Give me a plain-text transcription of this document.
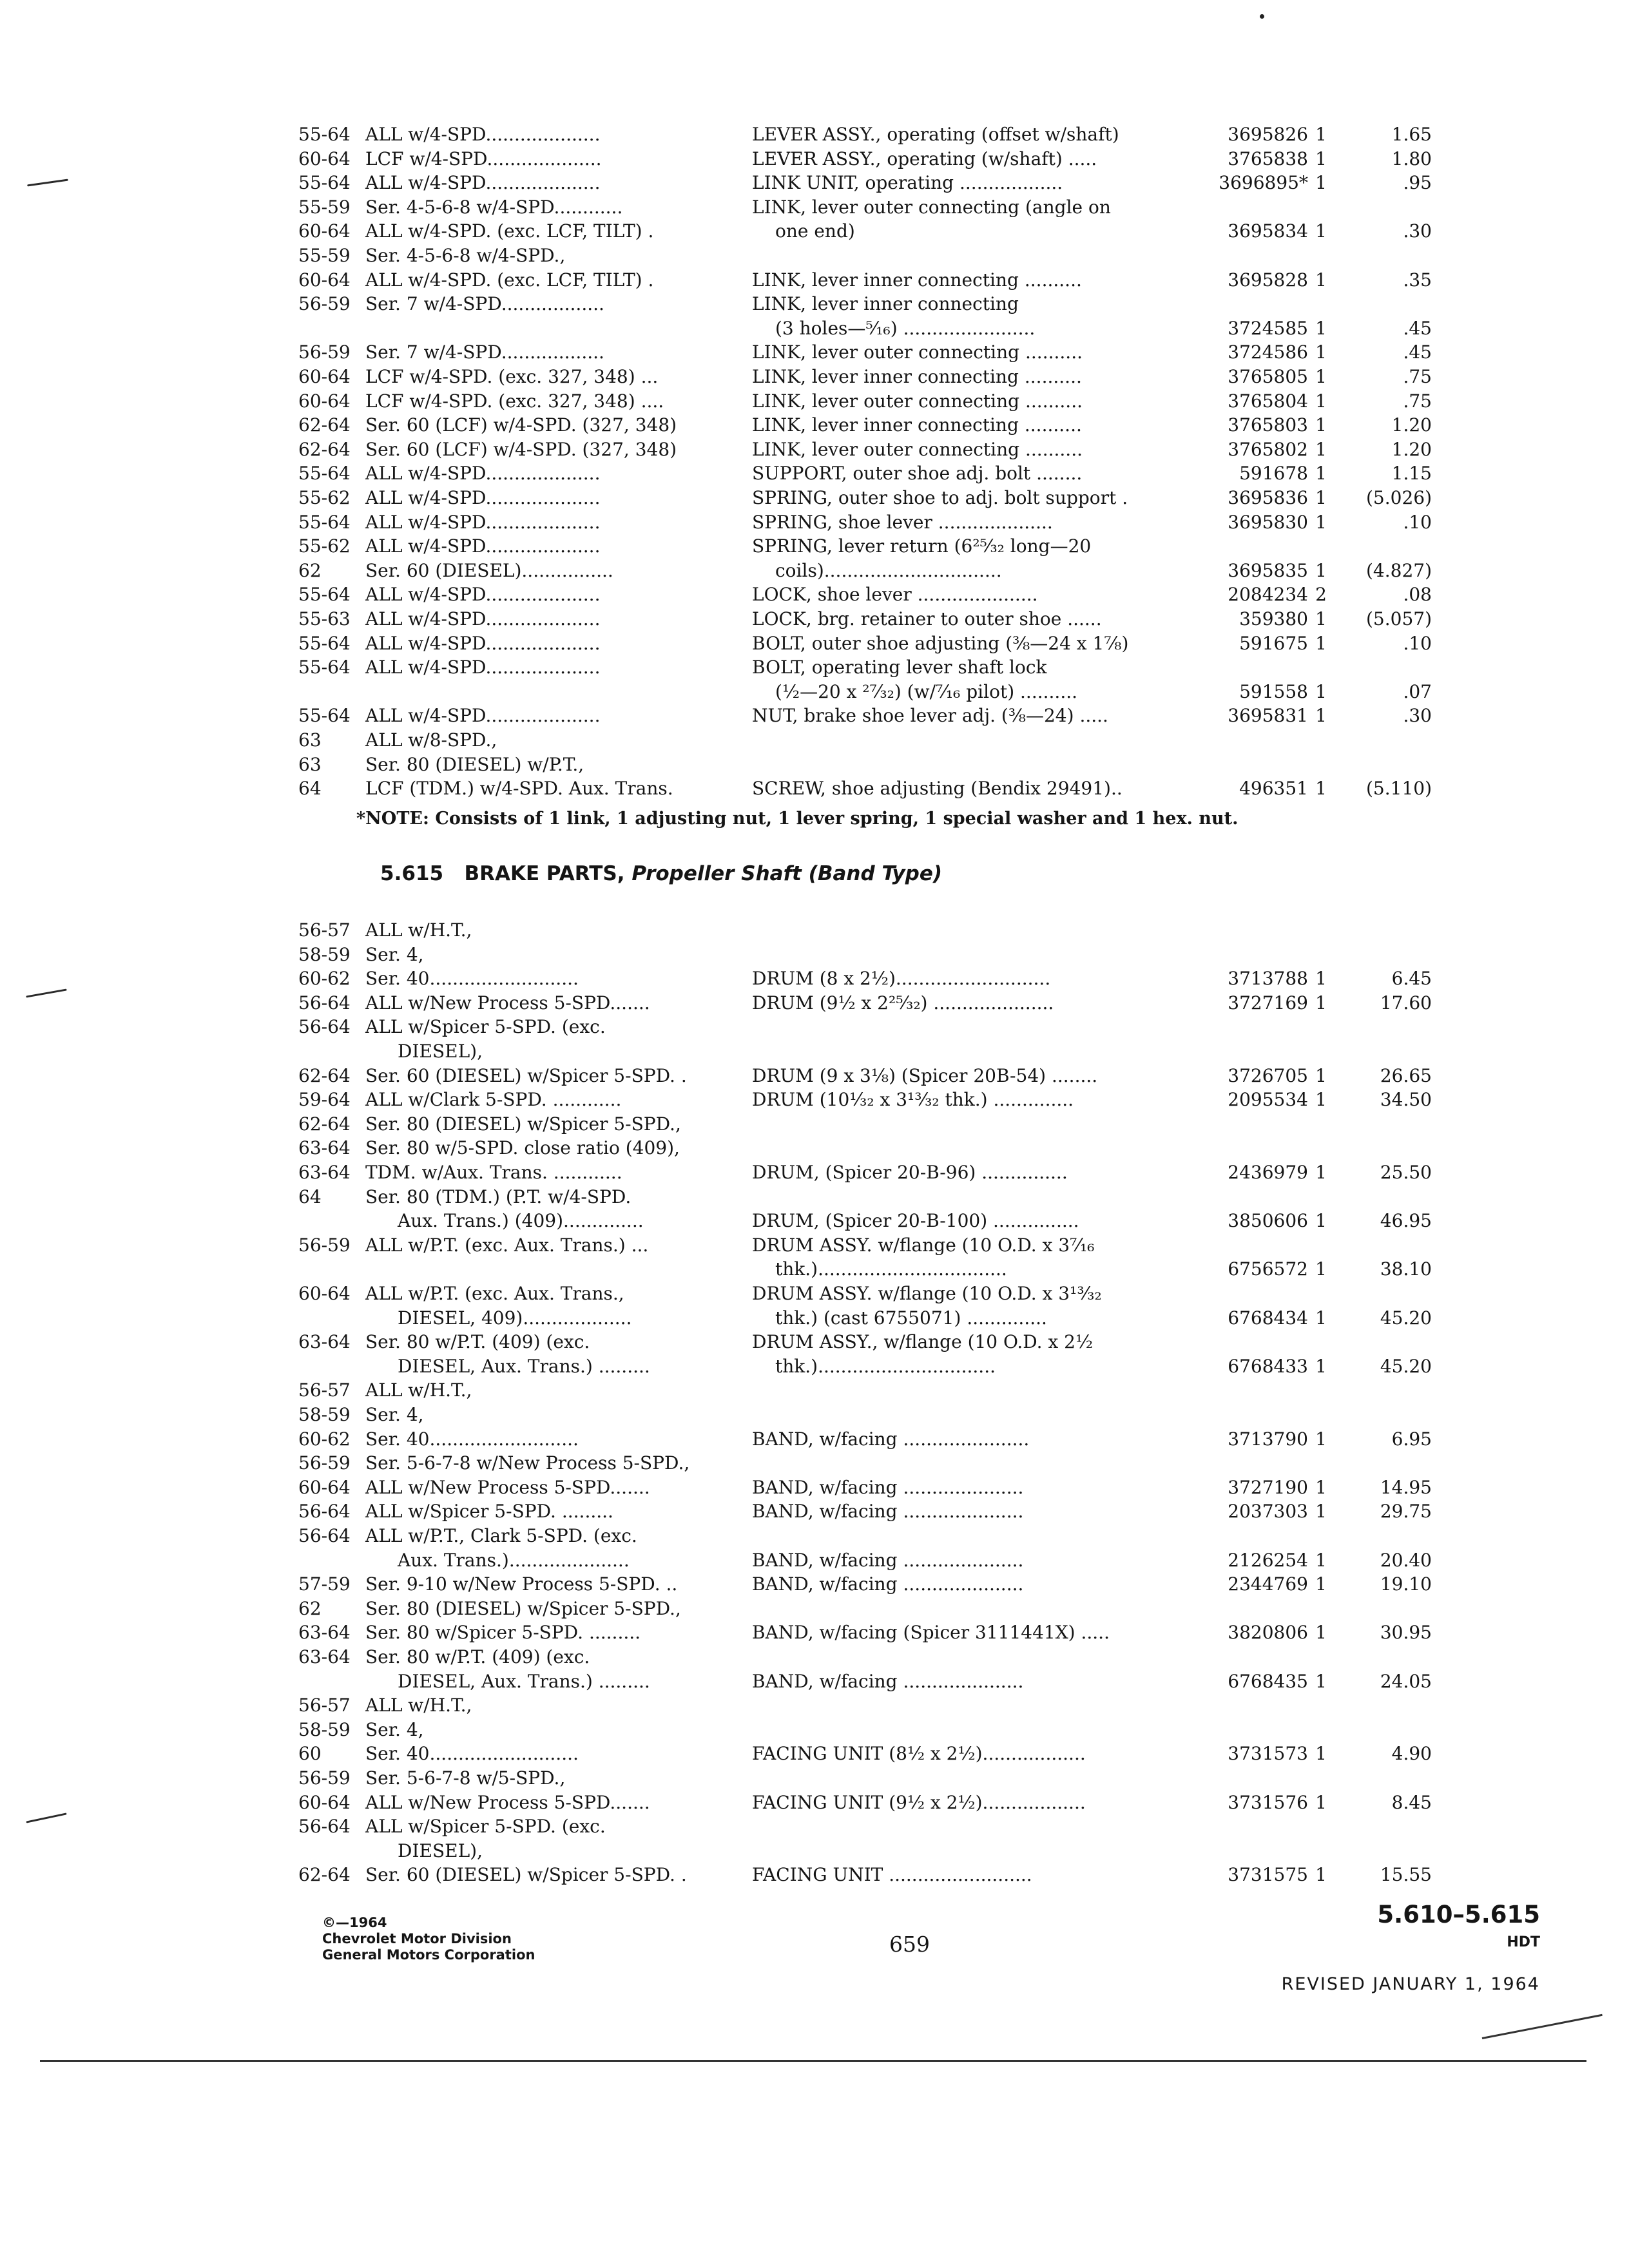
55-64 ALL w/4-SPD....................	LEVER ASSY., operating (offset w/shaft)	3695826 1	1.65
60-64 LCF w/4-SPD....................	LEVER ASSY., operating (w/shaft) .....	3765838 1	1.80
55-64 ALL w/4-SPD....................	LINK UNIT, operating ..................	3696895* 1	.95
55-59 Ser. 4-5-6-8 w/4-SPD............	LINK, lever outer connecting (angle on
60-64 ALL w/4-SPD. (exc. LCF, TILT) .	one end)	3695834 1	.30
55-59 Ser. 4-5-6-8 w/4-SPD.,
60-64 ALL w/4-SPD. (exc. LCF, TILT) .	LINK, lever inner connecting ..........	3695828 1	.35
56-59 Ser. 7 w/4-SPD..................	LINK, lever inner connecting
(3 holes—⁵⁄₁₆) .......................	3724585 1	.45
56-59 Ser. 7 w/4-SPD..................	LINK, lever outer connecting ..........	3724586 1	.45
60-64 LCF w/4-SPD. (exc. 327, 348) ...	LINK, lever inner connecting ..........	3765805 1	.75
60-64 LCF w/4-SPD. (exc. 327, 348) ....	LINK, lever outer connecting ..........	3765804 1	.75
62-64 Ser. 60 (LCF) w/4-SPD. (327, 348)	LINK, lever inner connecting ..........	3765803 1	1.20
62-64 Ser. 60 (LCF) w/4-SPD. (327, 348)	LINK, lever outer connecting ..........	3765802 1	1.20
55-64 ALL w/4-SPD....................	SUPPORT, outer shoe adj. bolt ........	591678 1	1.15
55-62 ALL w/4-SPD....................	SPRING, outer shoe to adj. bolt support .	3695836 1	(5.026)
55-64 ALL w/4-SPD....................	SPRING, shoe lever ....................	3695830 1	.10
55-62 ALL w/4-SPD....................	SPRING, lever return (6²⁵⁄₃₂ long—20
62 Ser. 60 (DIESEL)................	coils)...............................	3695835 1	(4.827)
55-64 ALL w/4-SPD....................	LOCK, shoe lever .....................	2084234 2	.08
55-63 ALL w/4-SPD....................	LOCK, brg. retainer to outer shoe ......	359380 1	(5.057)
55-64 ALL w/4-SPD....................	BOLT, outer shoe adjusting (⅜—24 x 1⅞)	591675 1	.10
55-64 ALL w/4-SPD....................	BOLT, operating lever shaft lock
(½—20 x ²⁷⁄₃₂) (w/⁷⁄₁₆ pilot) ..........	591558 1	.07
55-64 ALL w/4-SPD....................	NUT, brake shoe lever adj. (⅜—24) .....	3695831 1	.30
63 ALL w/8-SPD.,
63 Ser. 80 (DIESEL) w/P.T.,
64 LCF (TDM.) w/4-SPD. Aux. Trans.	SCREW, shoe adjusting (Bendix 29491)..	496351 1	(5.110)
*NOTE: Consists of 1 link, 1 adjusting nut, 1 lever spring, 1 special washer and 1 hex. nut.
5.615 BRAKE PARTS, Propeller Shaft (Band Type)
56-57 ALL w/H.T.,
58-59 Ser. 4,
60-62 Ser. 40..........................	DRUM (8 x 2½)...........................	3713788 1	6.45
56-64 ALL w/New Process 5-SPD.......	DRUM (9½ x 2²⁵⁄₃₂) .....................	3727169 1	17.60
56-64 ALL w/Spicer 5-SPD. (exc.
DIESEL),
62-64 Ser. 60 (DIESEL) w/Spicer 5-SPD. .	DRUM (9 x 3⅛) (Spicer 20B-54) ........	3726705 1	26.65
59-64 ALL w/Clark 5-SPD. ............	DRUM (10¹⁄₃₂ x 3¹³⁄₃₂ thk.) ..............	2095534 1	34.50
62-64 Ser. 80 (DIESEL) w/Spicer 5-SPD.,
63-64 Ser. 80 w/5-SPD. close ratio (409),
63-64 TDM. w/Aux. Trans. ............	DRUM, (Spicer 20-B-96) ...............	2436979 1	25.50
64 Ser. 80 (TDM.) (P.T. w/4-SPD.
Aux. Trans.) (409)..............	DRUM, (Spicer 20-B-100) ...............	3850606 1	46.95
56-59 ALL w/P.T. (exc. Aux. Trans.) ...	DRUM ASSY. w/flange (10 O.D. x 3⁷⁄₁₆
thk.).................................	6756572 1	38.10
60-64 ALL w/P.T. (exc. Aux. Trans.,	DRUM ASSY. w/flange (10 O.D. x 3¹³⁄₃₂
DIESEL, 409)...................	thk.) (cast 6755071) ..............	6768434 1	45.20
63-64 Ser. 80 w/P.T. (409) (exc.	DRUM ASSY., w/flange (10 O.D. x 2½
DIESEL, Aux. Trans.) .........	thk.)...............................	6768433 1	45.20
56-57 ALL w/H.T.,
58-59 Ser. 4,
60-62 Ser. 40..........................	BAND, w/facing ......................	3713790 1	6.95
56-59 Ser. 5-6-7-8 w/New Process 5-SPD.,
60-64 ALL w/New Process 5-SPD.......	BAND, w/facing .....................	3727190 1	14.95
56-64 ALL w/Spicer 5-SPD. .........	BAND, w/facing .....................	2037303 1	29.75
56-64 ALL w/P.T., Clark 5-SPD. (exc.
Aux. Trans.).....................	BAND, w/facing .....................	2126254 1	20.40
57-59 Ser. 9-10 w/New Process 5-SPD. ..	BAND, w/facing .....................	2344769 1	19.10
62 Ser. 80 (DIESEL) w/Spicer 5-SPD.,
63-64 Ser. 80 w/Spicer 5-SPD. .........	BAND, w/facing (Spicer 3111441X) .....	3820806 1	30.95
63-64 Ser. 80 w/P.T. (409) (exc.
DIESEL, Aux. Trans.) .........	BAND, w/facing .....................	6768435 1	24.05
56-57 ALL w/H.T.,
58-59 Ser. 4,
60 Ser. 40..........................	FACING UNIT (8½ x 2½)..................	3731573 1	4.90
56-59 Ser. 5-6-7-8 w/5-SPD.,
60-64 ALL w/New Process 5-SPD.......	FACING UNIT (9½ x 2½)..................	3731576 1	8.45
56-64 ALL w/Spicer 5-SPD. (exc.
DIESEL),
62-64 Ser. 60 (DIESEL) w/Spicer 5-SPD. .	FACING UNIT .........................	3731575 1	15.55
©—1964
Chevrolet Motor Division
General Motors Corporation	659
5.610–5.615
HDT
REVISED JANUARY 1, 1964
